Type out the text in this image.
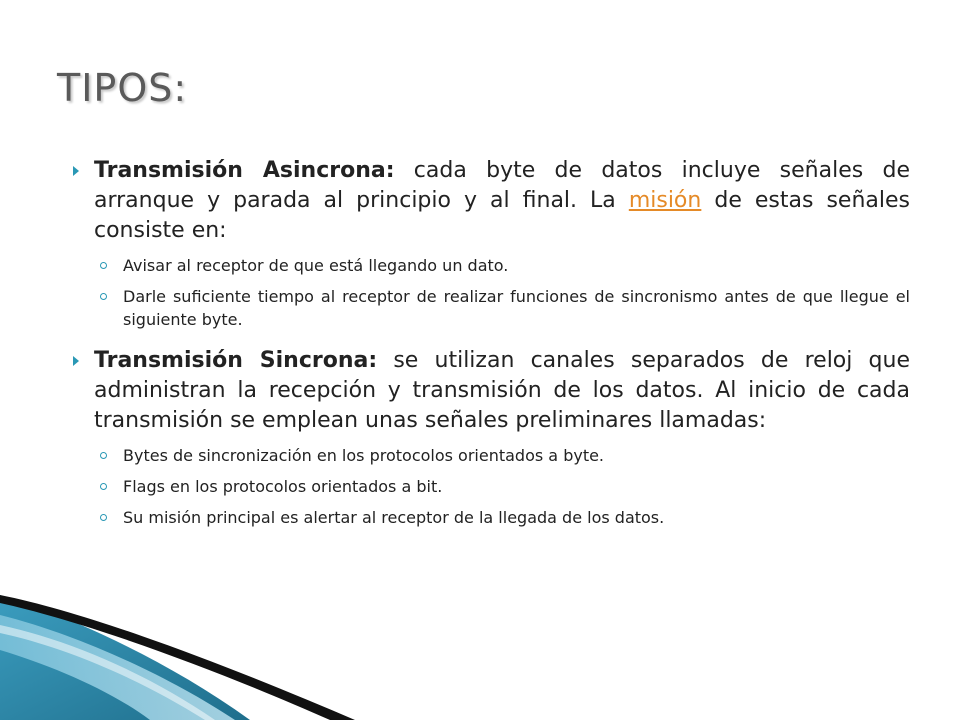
TIPOS:

Transmisión Asincrona: cada byte de datos incluye señales de arranque y parada al principio y al final. La misión de estas señales consiste en:

Avisar al receptor de que está llegando un dato.
Darle suficiente tiempo al receptor de realizar funciones de sincronismo antes de que llegue el siguiente byte.

Transmisión Sincrona: se utilizan canales separados de reloj que administran la recepción y transmisión de los datos. Al inicio de cada transmisión se emplean unas señales preliminares llamadas:

Bytes de sincronización en los protocolos orientados a byte.
Flags en los protocolos orientados a bit.
Su misión principal es alertar al receptor de la llegada de los datos.
